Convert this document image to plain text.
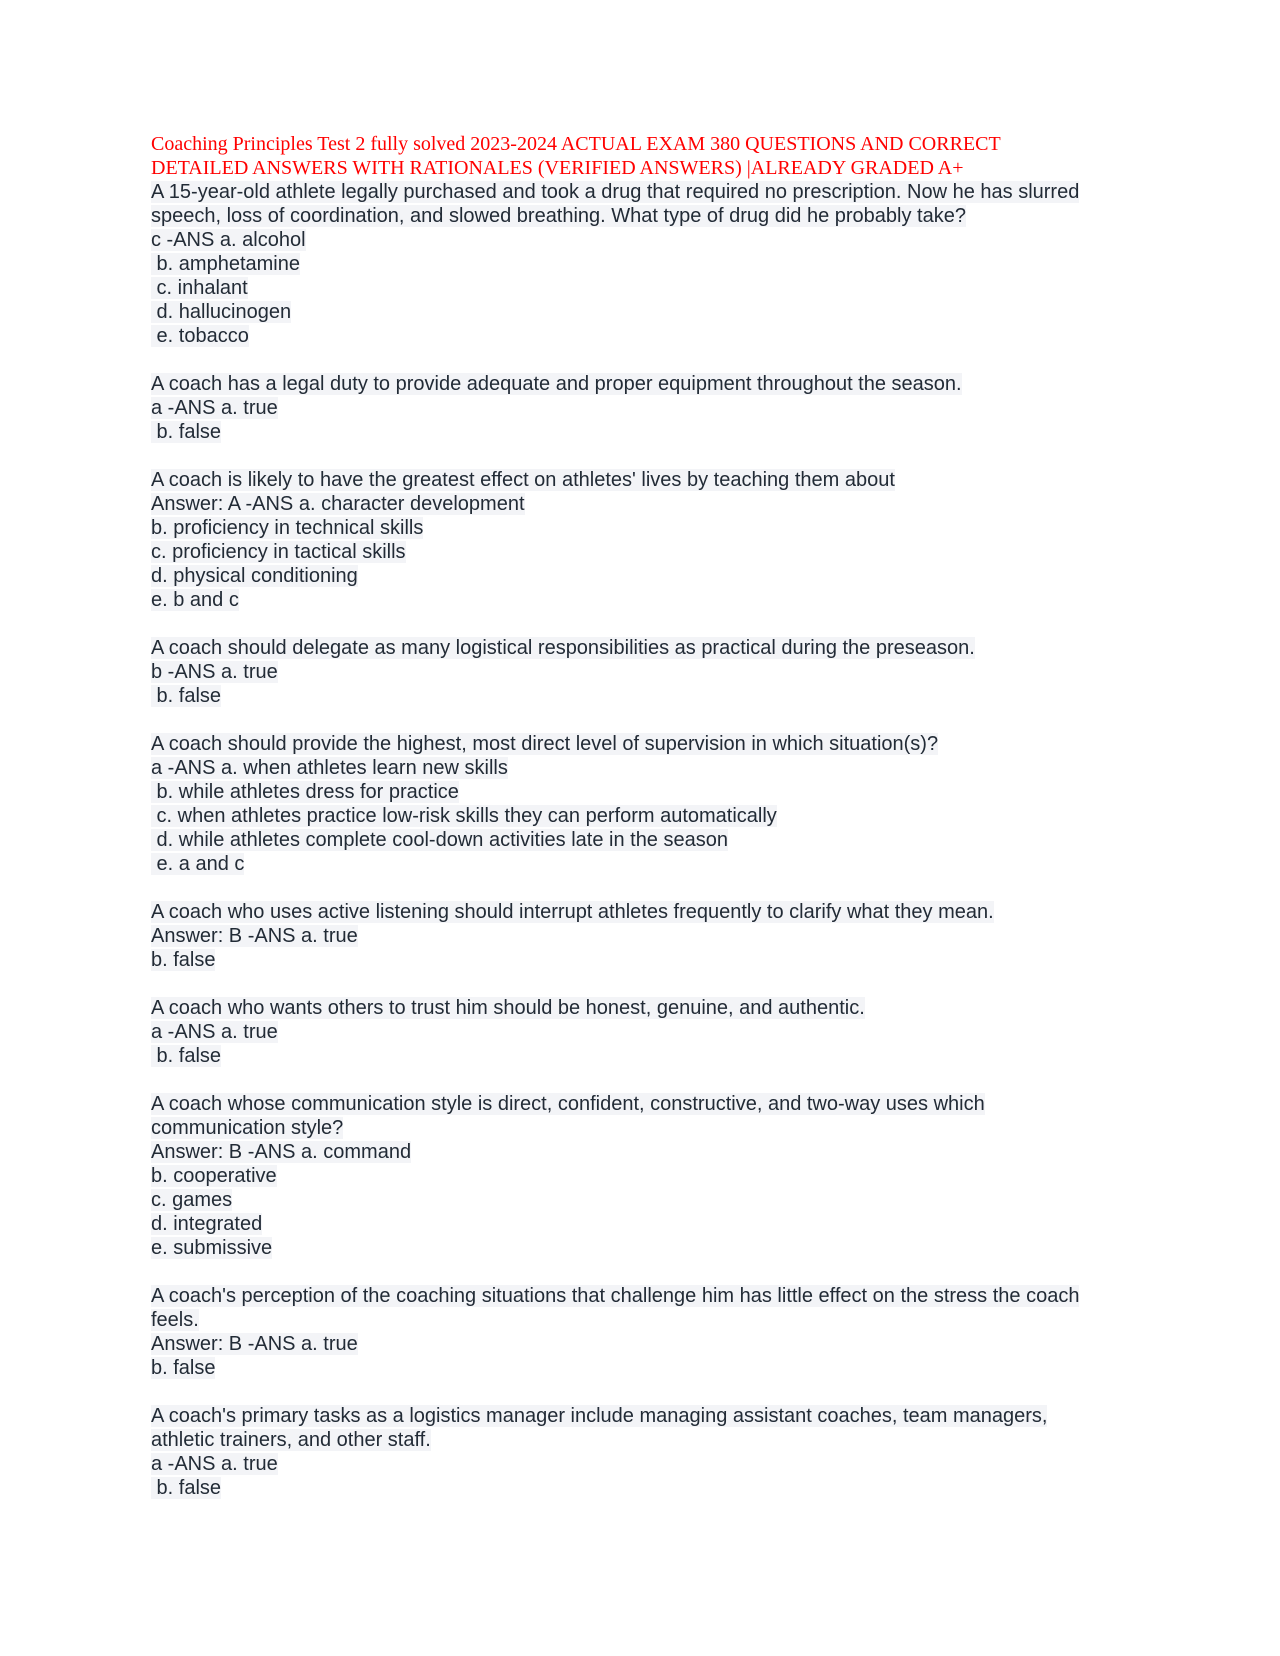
Coaching Principles Test 2 fully solved 2023-2024 ACTUAL EXAM 380 QUESTIONS AND CORRECT
DETAILED ANSWERS WITH RATIONALES (VERIFIED ANSWERS) |ALREADY GRADED A+
A 15-year-old athlete legally purchased and took a drug that required no prescription. Now he has slurred
speech, loss of coordination, and slowed breathing. What type of drug did he probably take?
c -ANS a. alcohol
b. amphetamine
c. inhalant
d. hallucinogen
e. tobacco
A coach has a legal duty to provide adequate and proper equipment throughout the season.
a -ANS a. true
b. false
A coach is likely to have the greatest effect on athletes' lives by teaching them about
Answer: A -ANS a. character development
b. proficiency in technical skills
c. proficiency in tactical skills
d. physical conditioning
e. b and c
A coach should delegate as many logistical responsibilities as practical during the preseason.
b -ANS a. true
b. false
A coach should provide the highest, most direct level of supervision in which situation(s)?
a -ANS a. when athletes learn new skills
b. while athletes dress for practice
c. when athletes practice low-risk skills they can perform automatically
d. while athletes complete cool-down activities late in the season
e. a and c
A coach who uses active listening should interrupt athletes frequently to clarify what they mean.
Answer: B -ANS a. true
b. false
A coach who wants others to trust him should be honest, genuine, and authentic.
a -ANS a. true
b. false
A coach whose communication style is direct, confident, constructive, and two-way uses which
communication style?
Answer: B -ANS a. command
b. cooperative
c. games
d. integrated
e. submissive
A coach's perception of the coaching situations that challenge him has little effect on the stress the coach
feels.
Answer: B -ANS a. true
b. false
A coach's primary tasks as a logistics manager include managing assistant coaches, team managers,
athletic trainers, and other staff.
a -ANS a. true
b. false
